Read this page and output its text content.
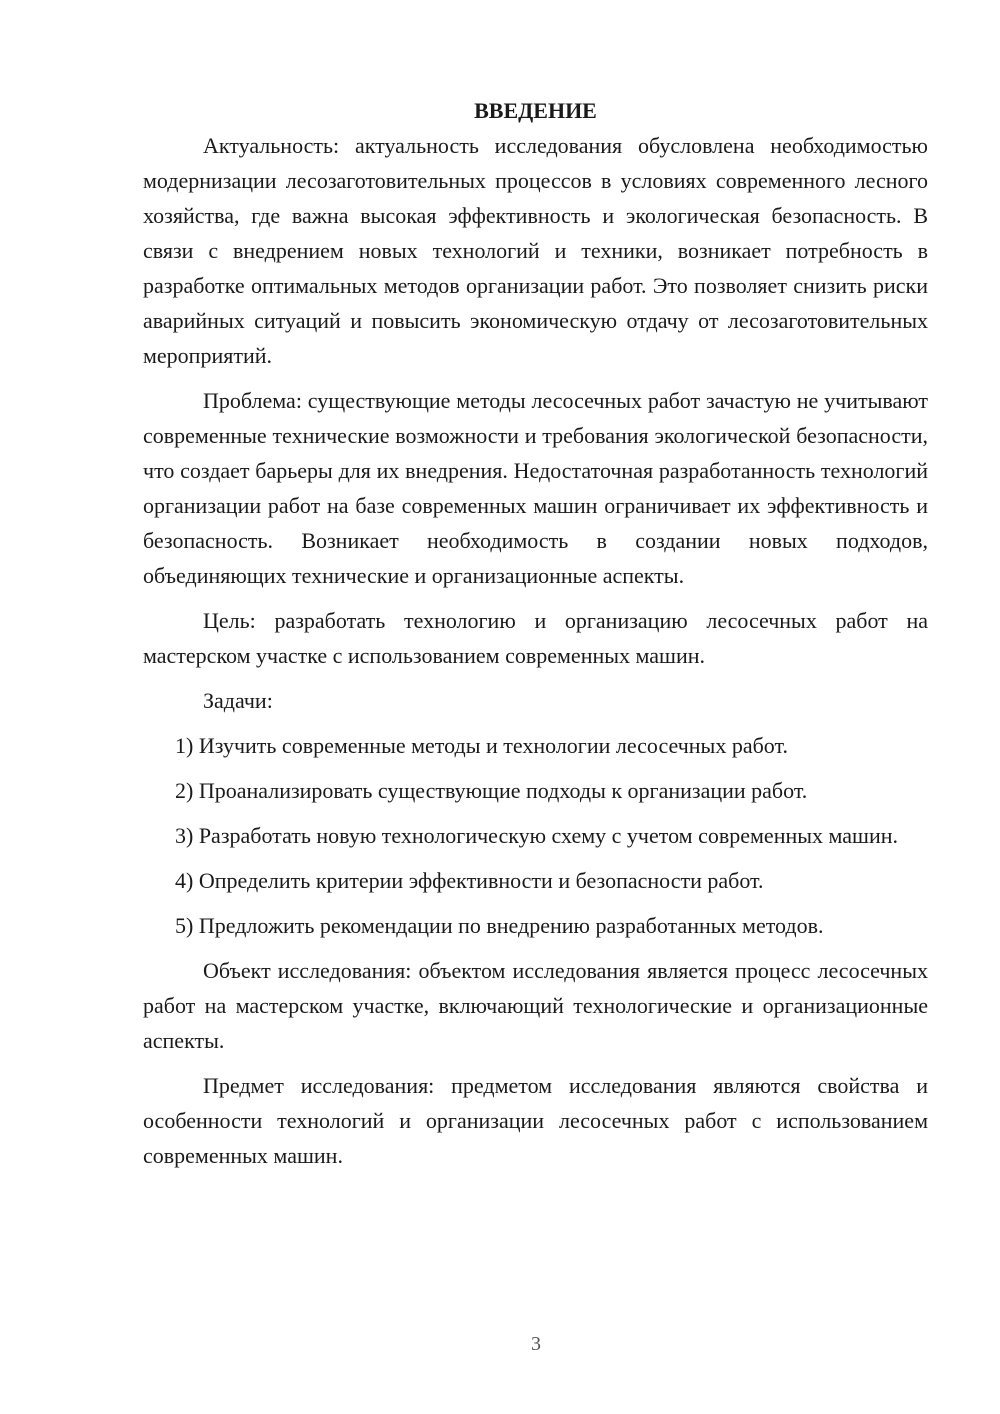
ВВЕДЕНИЕ

Актуальность: актуальность исследования обусловлена необходимостью модернизации лесозаготовительных процессов в условиях современного лесного хозяйства, где важна высокая эффективность и экологическая безопасность. В связи с внедрением новых технологий и техники, возникает потребность в разработке оптимальных методов организации работ. Это позволяет снизить риски аварийных ситуаций и повысить экономическую отдачу от лесозаготовительных мероприятий.

Проблема: существующие методы лесосечных работ зачастую не учитывают современные технические возможности и требования экологической безопасности, что создает барьеры для их внедрения. Недостаточная разработанность технологий организации работ на базе современных машин ограничивает их эффективность и безопасность. Возникает необходимость в создании новых подходов, объединяющих технические и организационные аспекты.

Цель: разработать технологию и организацию лесосечных работ на мастерском участке с использованием современных машин.

Задачи:

1) Изучить современные методы и технологии лесосечных работ.

2) Проанализировать существующие подходы к организации работ.

3) Разработать новую технологическую схему с учетом современных машин.

4) Определить критерии эффективности и безопасности работ.

5) Предложить рекомендации по внедрению разработанных методов.

Объект исследования: объектом исследования является процесс лесосечных работ на мастерском участке, включающий технологические и организационные аспекты.

Предмет исследования: предметом исследования являются свойства и особенности технологий и организации лесосечных работ с использованием современных машин.

3
